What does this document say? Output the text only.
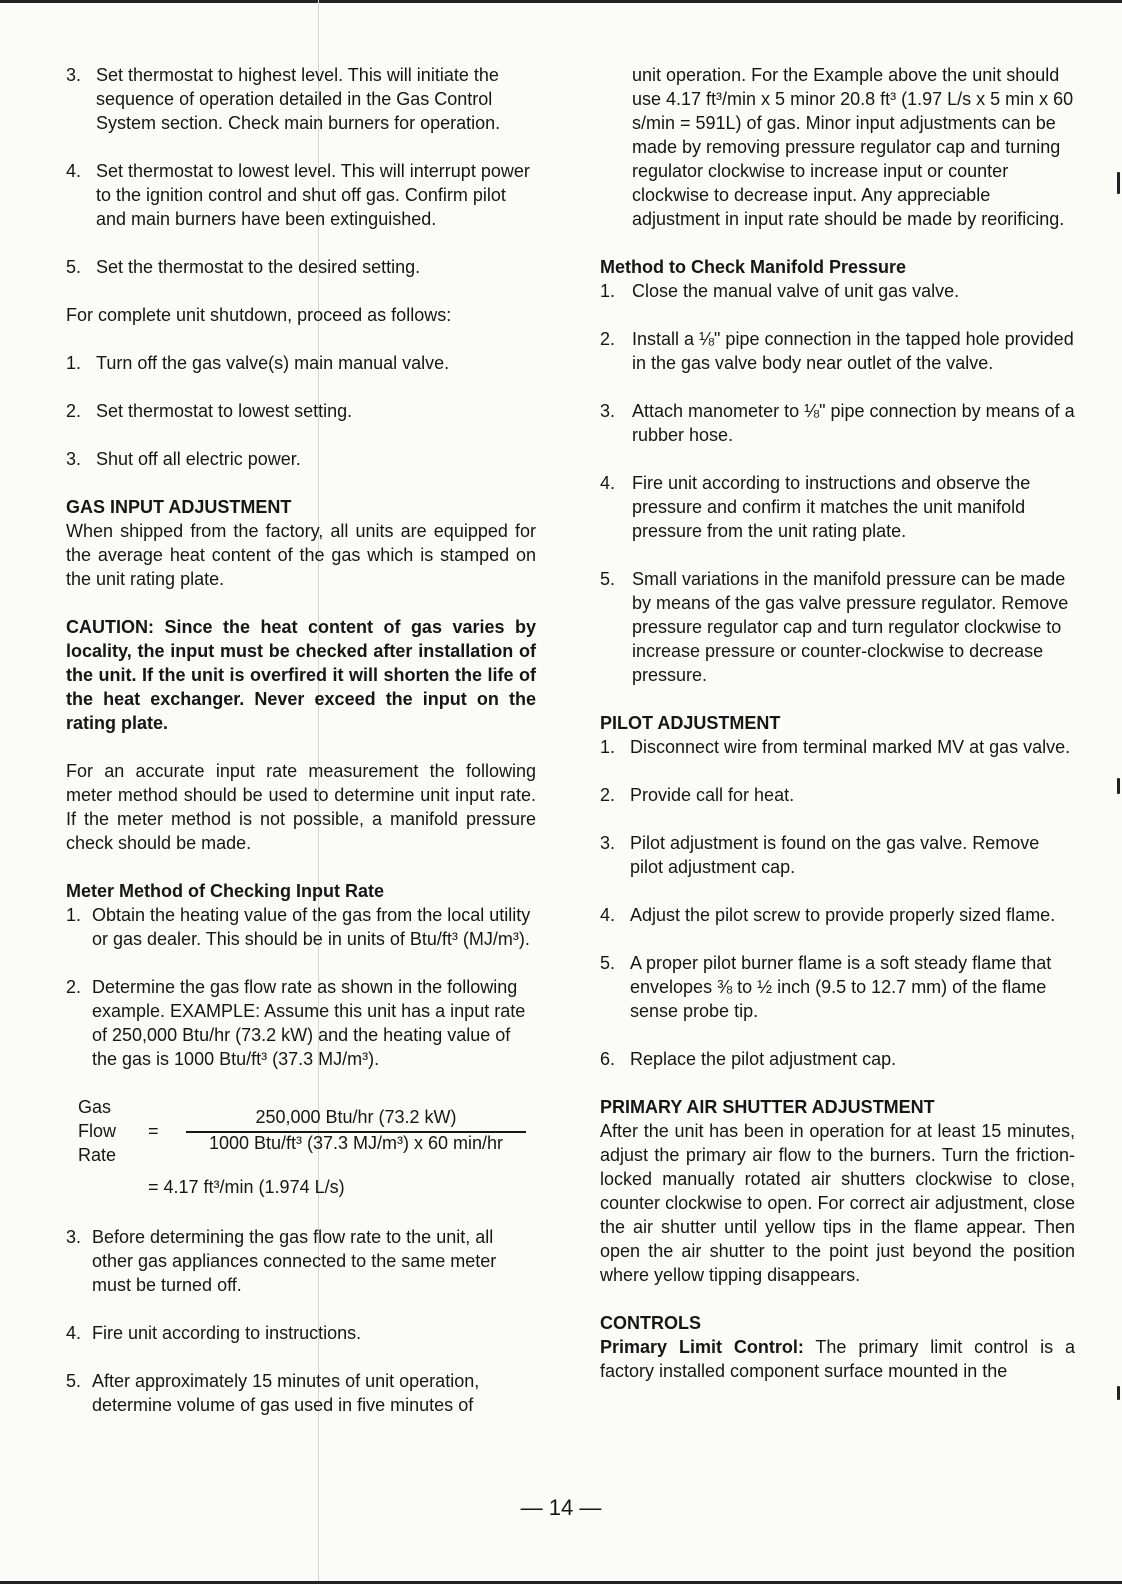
3. Set thermostat to highest level. This will initiate the sequence of operation detailed in the Gas Control System section. Check main burners for operation.
4. Set thermostat to lowest level. This will interrupt power to the ignition control and shut off gas. Confirm pilot and main burners have been extinguished.
5. Set the thermostat to the desired setting.

For complete unit shutdown, proceed as follows:

1. Turn off the gas valve(s) main manual valve.
2. Set thermostat to lowest setting.
3. Shut off all electric power.
GAS INPUT ADJUSTMENT

When shipped from the factory, all units are equipped for the average heat content of the gas which is stamped on the unit rating plate.

CAUTION: Since the heat content of gas varies by locality, the input must be checked after installation of the unit. If the unit is overfired it will shorten the life of the heat exchanger. Never exceed the input on the rating plate.

For an accurate input rate measurement the following meter method should be used to determine unit input rate. If the meter method is not possible, a manifold pressure check should be made.

Meter Method of Checking Input Rate
1. Obtain the heating value of the gas from the local utility or gas dealer. This should be in units of Btu/ft³ (MJ/m³).
2. Determine the gas flow rate as shown in the following example. EXAMPLE: Assume this unit has a input rate of 250,000 Btu/hr (73.2 kW) and the heating value of the gas is 1000 Btu/ft³ (37.3 MJ/m³).
Gas
Flow
Rate
=
250,000 Btu/hr (73.2 kW)
1000 Btu/ft³ (37.3 MJ/m³) x 60 min/hr
= 4.17 ft³/min (1.974 L/s)
3. Before determining the gas flow rate to the unit, all other gas appliances connected to the same meter must be turned off.
4. Fire unit according to instructions.
5. After approximately 15 minutes of unit operation, determine volume of gas used in five minutes of

unit operation. For the Example above the unit should use 4.17 ft³/min x 5 minor 20.8 ft³ (1.97 L/s x 5 min x 60 s/min = 591L) of gas. Minor input adjustments can be made by removing pressure regulator cap and turning regulator clockwise to increase input or counter clockwise to decrease input. Any appreciable adjustment in input rate should be made by reorificing.

Method to Check Manifold Pressure
1. Close the manual valve of unit gas valve.
2. Install a ⅛" pipe connection in the tapped hole provided in the gas valve body near outlet of the valve.
3. Attach manometer to ⅛" pipe connection by means of a rubber hose.
4. Fire unit according to instructions and observe the pressure and confirm it matches the unit manifold pressure from the unit rating plate.
5. Small variations in the manifold pressure can be made by means of the gas valve pressure regulator. Remove pressure regulator cap and turn regulator clockwise to increase pressure or counter-clockwise to decrease pressure.
PILOT ADJUSTMENT
1. Disconnect wire from terminal marked MV at gas valve.
2. Provide call for heat.
3. Pilot adjustment is found on the gas valve. Remove pilot adjustment cap.
4. Adjust the pilot screw to provide properly sized flame.
5. A proper pilot burner flame is a soft steady flame that envelopes ⅜ to ½ inch (9.5 to 12.7 mm) of the flame sense probe tip.
6. Replace the pilot adjustment cap.
PRIMARY AIR SHUTTER ADJUSTMENT

After the unit has been in operation for at least 15 minutes, adjust the primary air flow to the burners. Turn the friction-locked manually rotated air shutters clockwise to close, counter clockwise to open. For correct air adjustment, close the air shutter until yellow tips in the flame appear. Then open the air shutter to the point just beyond the position where yellow tipping disappears.

CONTROLS

Primary Limit Control: The primary limit control is a factory installed component surface mounted in the

— 14 —
